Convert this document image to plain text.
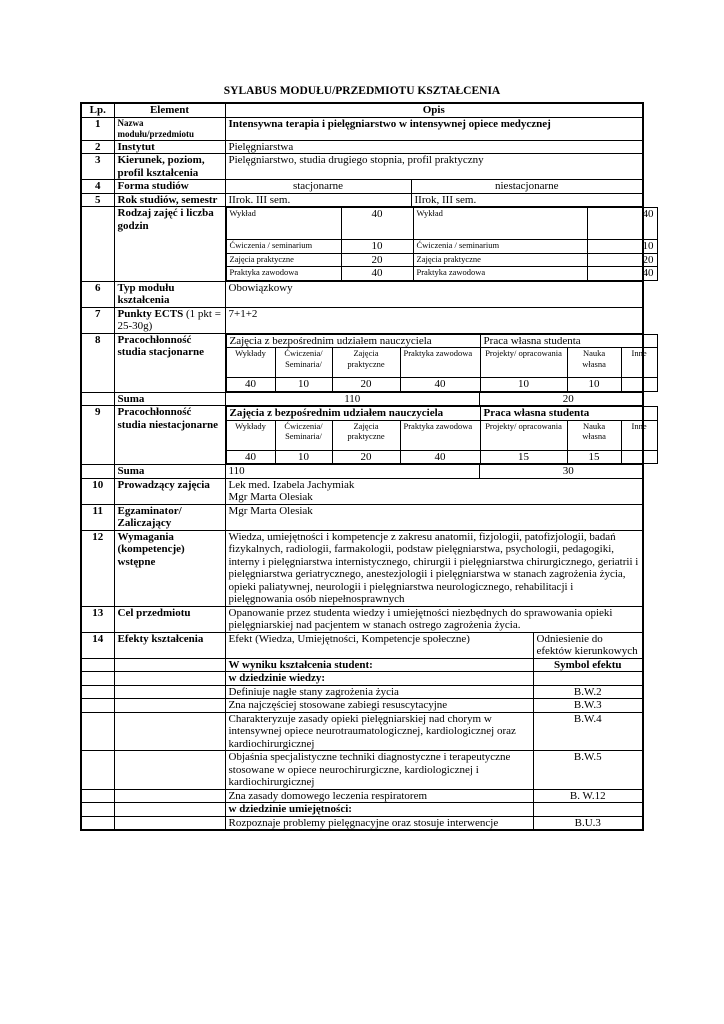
SYLABUS MODUŁU/PRZEDMIOTU KSZTAŁCENIA
Lp.	Element	Opis
1	Nazwa modułu/przedmiotu	Intensywna terapia i pielęgniarstwo w intensywnej opiece medycznej
2	Instytut	Pielęgniarstwa
3	Kierunek, poziom, profil kształcenia	Pielęgniarstwo, studia drugiego stopnia, profil praktyczny
4	Forma studiów	stacjonarne	niestacjonarne
5	Rok studiów, semestr	IIrok. III sem.	IIrok, III sem.
	Rodzaj zajęć i liczba godzin	
Wykład	40	Wykład	40
Ćwiczenia / seminarium	10	Ćwiczenia / seminarium	10
Zajęcia praktyczne	20	Zajęcia praktyczne	20
Praktyka zawodowa	40	Praktyka zawodowa	40

6	Typ modułu kształcenia	Obowiązkowy
7	Punkty ECTS (1 pkt = 25-30g)	7+1+2
8	Pracochłonność studia stacjonarne	
Zajęcia z bezpośrednim udziałem nauczyciela	Praca własna studenta
Wykłady	Ćwiczenia/ Seminaria/	Zajęcia praktyczne	Praktyka zawodowa	Projekty/ opracowania	Nauka własna	Inne
40	10	20	40	10	10	

	Suma		110	20

9	Pracochłonność studia niestacjonarne	
Zajęcia z bezpośrednim udziałem nauczyciela	Praca własna studenta
Wykłady	Ćwiczenia/ Seminaria/	Zajęcia praktyczne	Praktyka zawodowa	Projekty/ opracowania	Nauka własna	Inne
40	10	20	40	15	15	

	Suma		110	30

10	Prowadzący zajęcia	Lek med. Izabela Jachymiak
Mgr Marta Olesiak

11	Egzaminator/ Zaliczający	Mgr Marta Olesiak
12	Wymagania (kompetencje) wstępne	Wiedza, umiejętności i kompetencje z zakresu anatomii, fizjologii, patofizjologii, badań fizykalnych, radiologii, farmakologii, podstaw pielęgniarstwa, psychologii, pedagogiki, interny i pielęgniarstwa internistycznego, chirurgii i pielęgniarstwa chirurgicznego, geriatrii i pielęgniarstwa geriatrycznego, anestezjologii i pielęgniarstwa w stanach zagrożenia życia, opieki paliatywnej, neurologii i pielęgniarstwa neurologicznego, rehabilitacji i pielęgnowania osób niepełnosprawnych
13	Cel przedmiotu	Opanowanie przez studenta wiedzy i umiejętności niezbędnych do sprawowania opieki pielęgniarskiej nad pacjentem w stanach ostrego zagrożenia życia.
14	Efekty kształcenia	Efekt (Wiedza, Umiejętności, Kompetencje społeczne)	Odniesienie do efektów kierunkowych
		W wyniku kształcenia student:	Symbol efektu
		w dziedzinie wiedzy:	
		Definiuje nagłe stany zagrożenia życia	B.W.2
		Zna najczęściej stosowane zabiegi resuscytacyjne	B.W.3
		Charakteryzuje zasady opieki pielęgniarskiej nad chorym w intensywnej opiece neurotraumatologicznej, kardiologicznej oraz kardiochirurgicznej	B.W.4
		Objaśnia specjalistyczne techniki diagnostyczne i terapeutyczne stosowane w opiece neurochirurgiczne, kardiologicznej i kardiochirurgicznej	B.W.5
		Zna zasady domowego leczenia respiratorem	B. W.12
		w dziedzinie umiejętności:	
		Rozpoznaje problemy pielęgnacyjne oraz stosuje interwencje	B.U.3
